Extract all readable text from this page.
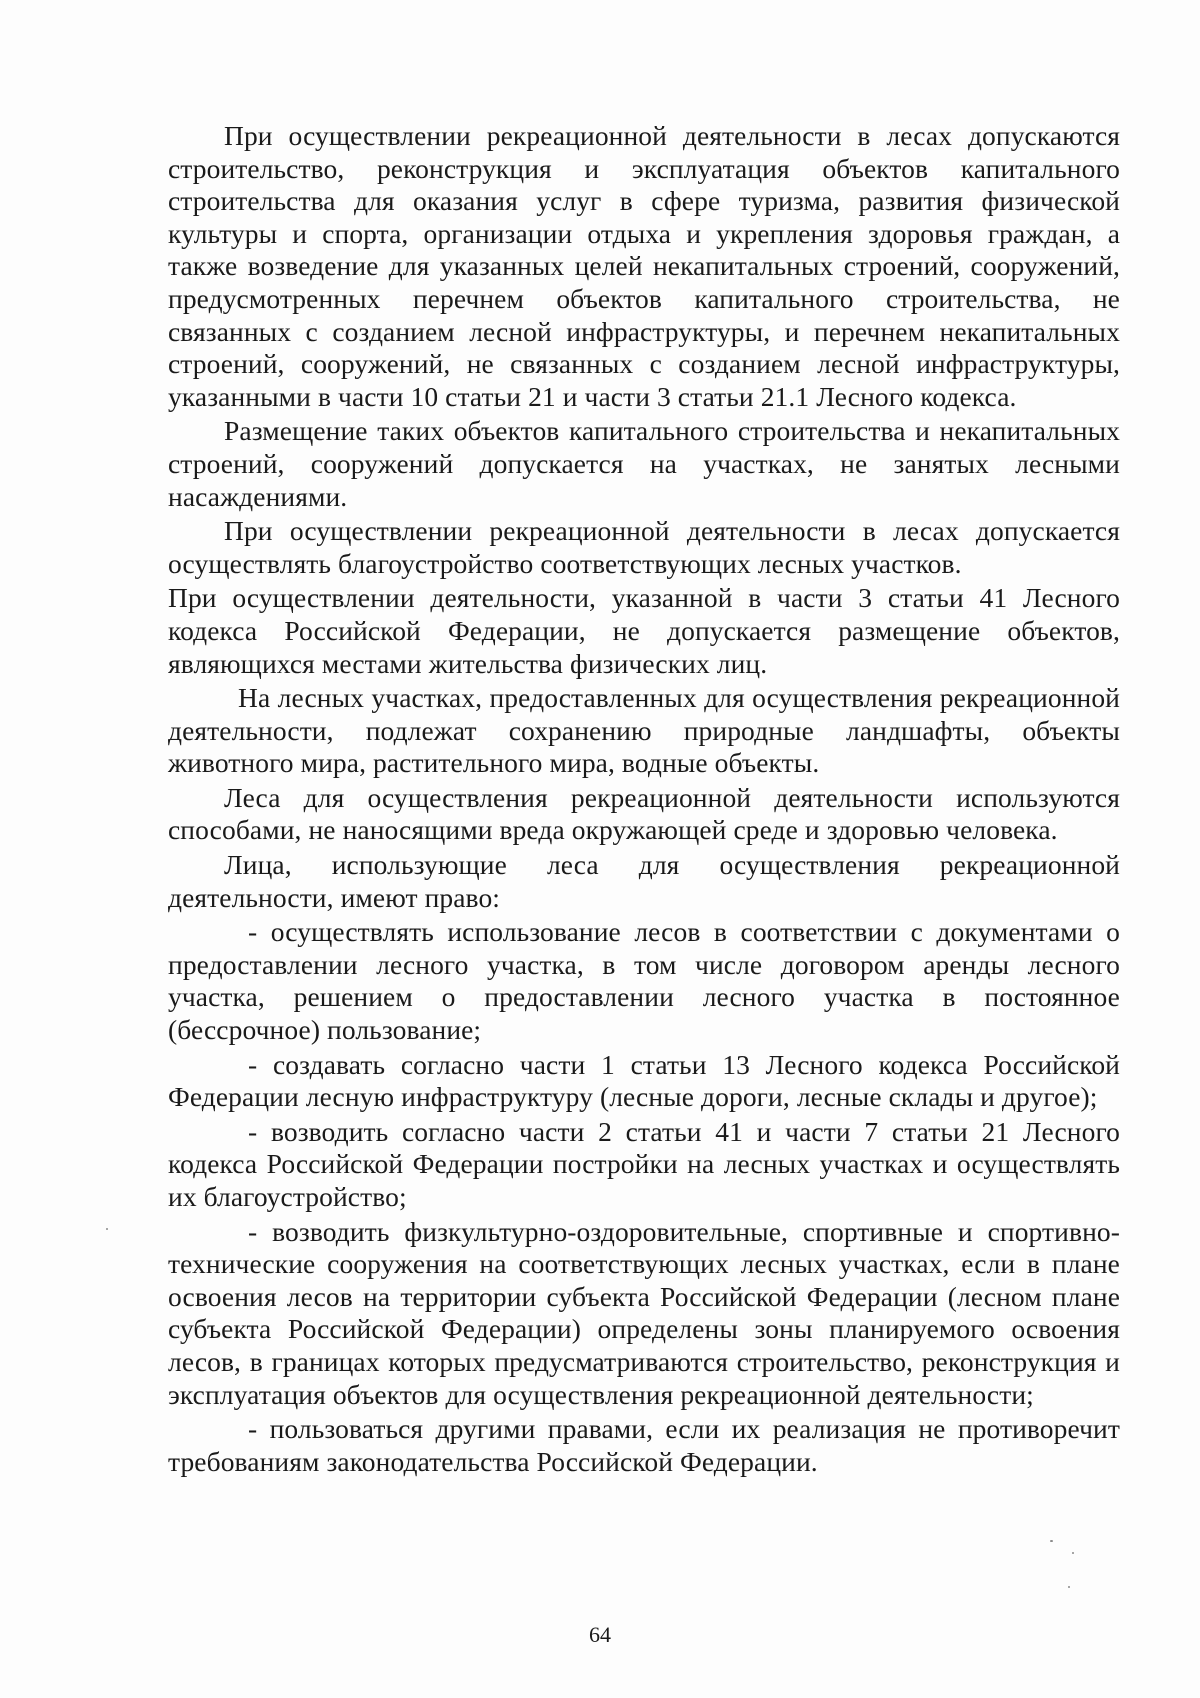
При осуществлении рекреационной деятельности в лесах допускаются строительство, реконструкция и эксплуатация объектов капитального строительства для оказания услуг в сфере туризма, развития физической культуры и спорта, организации отдыха и укрепления здоровья граждан, а также возведение для указанных целей некапитальных строений, сооружений, предусмотренных перечнем объектов капитального строительства, не связанных с созданием лесной инфраструктуры, и перечнем некапитальных строений, сооружений, не связанных с созданием лесной инфраструктуры, указанными в части 10 статьи 21 и части 3 статьи 21.1 Лесного кодекса.

Размещение таких объектов капитального строительства и некапитальных строений, сооружений допускается на участках, не занятых лесными насаждениями.

При осуществлении рекреационной деятельности в лесах допускается осуществлять благоустройство соответствующих лесных участков.

При осуществлении деятельности, указанной в части 3 статьи 41 Лесного кодекса Российской Федерации, не допускается размещение объектов, являющихся местами жительства физических лиц.

На лесных участках, предоставленных для осуществления рекреационной деятельности, подлежат сохранению природные ландшафты, объекты животного мира, растительного мира, водные объекты.

Леса для осуществления рекреационной деятельности используются способами, не наносящими вреда окружающей среде и здоровью человека.

Лица, использующие леса для осуществления рекреационной деятельности, имеют право:

- осуществлять использование лесов в соответствии с документами о предоставлении лесного участка, в том числе договором аренды лесного участка, решением о предоставлении лесного участка в постоянное (бессрочное) пользование;

- создавать согласно части 1 статьи 13 Лесного кодекса Российской Федерации лесную инфраструктуру (лесные дороги, лесные склады и другое);

- возводить согласно части 2 статьи 41 и части 7 статьи 21 Лесного кодекса Российской Федерации постройки на лесных участках и осуществлять их благоустройство;

- возводить физкультурно-оздоровительные, спортивные и спортивно-технические сооружения на соответствующих лесных участках, если в плане освоения лесов на территории субъекта Российской Федерации (лесном плане субъекта Российской Федерации) определены зоны планируемого освоения лесов, в границах которых предусматриваются строительство, реконструкция и эксплуатация объектов для осуществления рекреационной деятельности;

- пользоваться другими правами, если их реализация не противоречит требованиям законодательства Российской Федерации.

64
